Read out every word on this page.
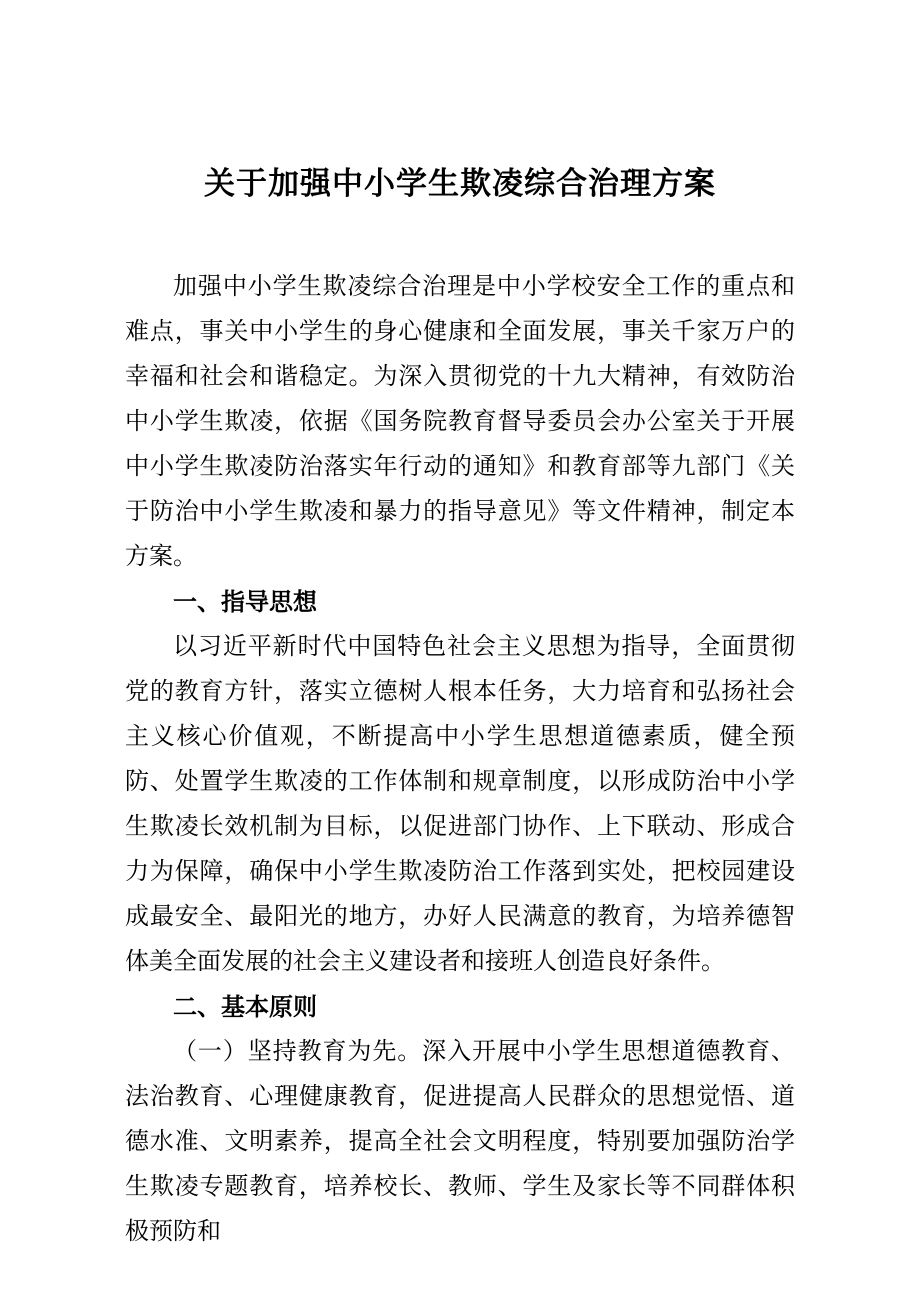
关于加强中小学生欺凌综合治理方案

加强中小学生欺凌综合治理是中小学校安全工作的重点和难点，事关中小学生的身心健康和全面发展，事关千家万户的幸福和社会和谐稳定。为深入贯彻党的十九大精神，有效防治中小学生欺凌，依据《国务院教育督导委员会办公室关于开展中小学生欺凌防治落实年行动的通知》和教育部等九部门《关于防治中小学生欺凌和暴力的指导意见》等文件精神，制定本方案。

一、指导思想

以习近平新时代中国特色社会主义思想为指导，全面贯彻党的教育方针，落实立德树人根本任务，大力培育和弘扬社会主义核心价值观，不断提高中小学生思想道德素质，健全预防、处置学生欺凌的工作体制和规章制度，以形成防治中小学生欺凌长效机制为目标，以促进部门协作、上下联动、形成合力为保障，确保中小学生欺凌防治工作落到实处，把校园建设成最安全、最阳光的地方，办好人民满意的教育，为培养德智体美全面发展的社会主义建设者和接班人创造良好条件。

二、基本原则

（一）坚持教育为先。深入开展中小学生思想道德教育、法治教育、心理健康教育，促进提高人民群众的思想觉悟、道德水准、文明素养，提高全社会文明程度，特别要加强防治学生欺凌专题教育，培养校长、教师、学生及家长等不同群体积极预防和
